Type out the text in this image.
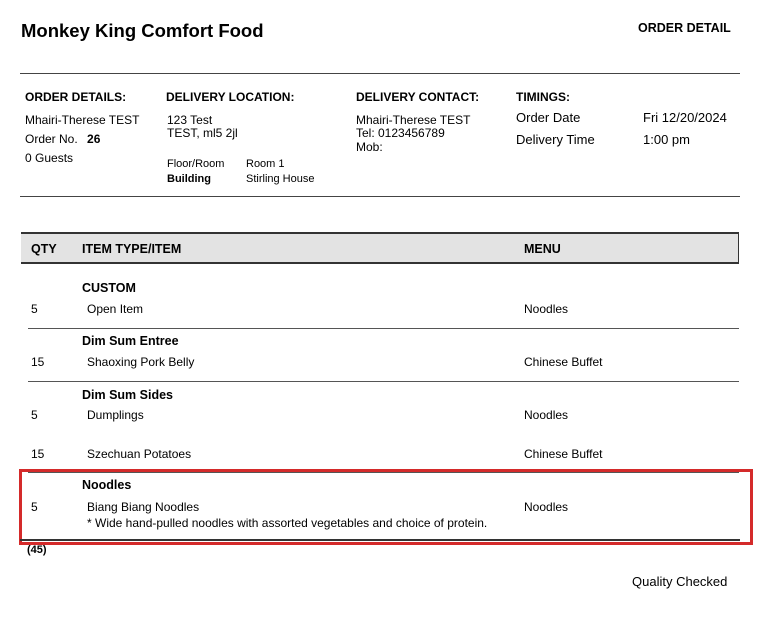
Monkey King Comfort Food	ORDER DETAIL
ORDER DETAILS:
Mhairi-Therese TEST
Order No. 26
0 Guests
DELIVERY LOCATION:
123 Test
TEST, ml5 2jl
Floor/Room Room 1
Building	Stirling House
DELIVERY CONTACT:
Mhairi-Therese TEST
Tel: 0123456789
Mob:
TIMINGS:
Order Date	Fri 12/20/2024
Delivery Time	1:00 pm
QTY ITEM TYPE/ITEM	MENU
CUSTOM
5	Open Item	Noodles
Dim Sum Entree
15	Shaoxing Pork Belly	Chinese Buffet
Dim Sum Sides
5	Dumplings	Noodles
15	Szechuan Potatoes	Chinese Buffet
Noodles
5	Biang Biang Noodles	Noodles
* Wide hand-pulled noodles with assorted vegetables and choice of protein.
(45)
Quality Checked
